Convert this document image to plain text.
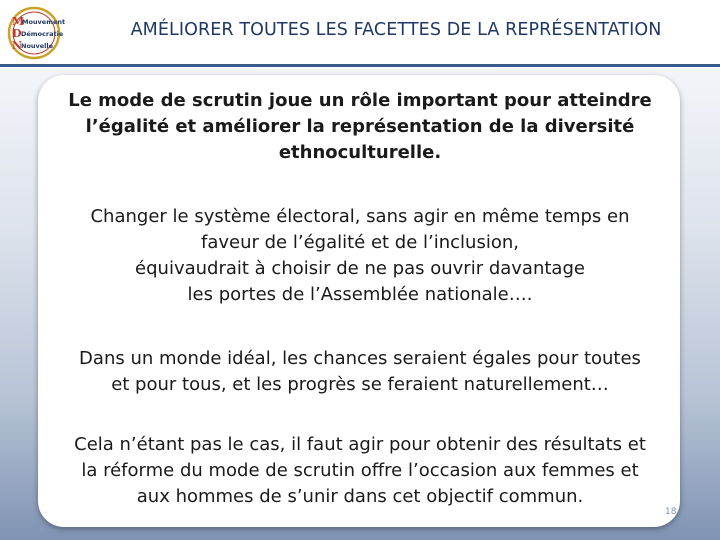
M
Mouvement
D Démocratie
N
Nouvelle
AMÉLIORER TOUTES LES FACETTES DE LA REPRÉSENTATION
Le mode de scrutin joue un rôle important pour atteindre
l’égalité et améliorer la représentation de la diversité
ethnoculturelle.
Changer le système électoral, sans agir en même temps en
faveur de l’égalité et de l’inclusion,
équivaudrait à choisir de ne pas ouvrir davantage
les portes de l’Assemblée nationale….
Dans un monde idéal, les chances seraient égales pour toutes
et pour tous, et les progrès se feraient naturellement…
Cela n’étant pas le cas, il faut agir pour obtenir des résultats et
la réforme du mode de scrutin offre l’occasion aux femmes et
aux hommes de s’unir dans cet objectif commun.
18
